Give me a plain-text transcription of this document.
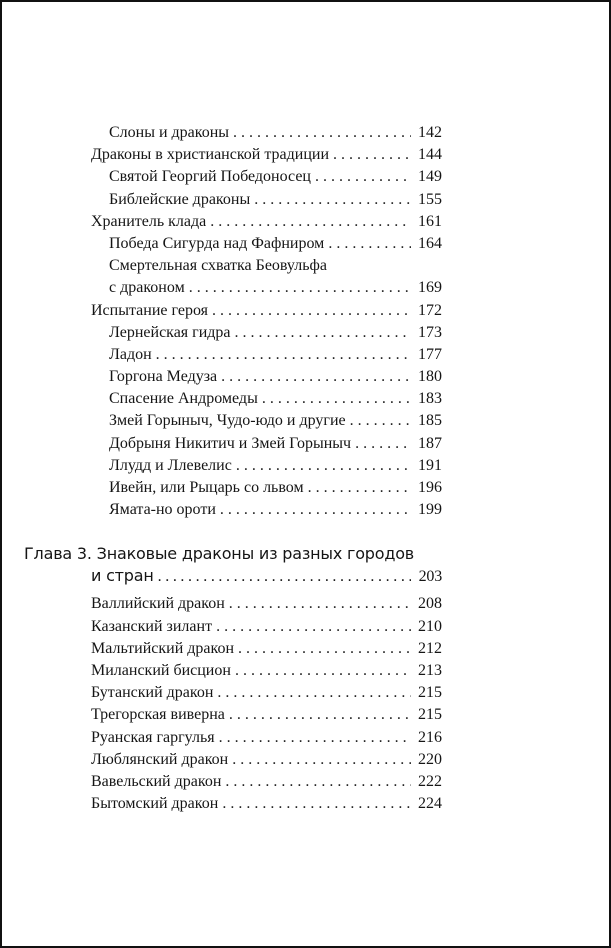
Слоны и драконы . . .	142
Драконы в христианской традиции . . .	144
Святой Георгий Победоносец . . .	149
Библейские драконы . . .	155
Хранитель клада . . .	161
Победа Сигурда над Фафниром . . .	164
Смертельная схватка Беовульфа
с драконом . . .	169
Испытание героя . . .	172
Лернейская гидра . . .	173
Ладон . . .	177
Горгона Медуза . . .	180
Спасение Андромеды . . .	183
Змей Горыныч, Чудо-юдо и другие . . .	185
Добрыня Никитич и Змей Горыныч . . .	187
Ллудд и Ллевелис . . .	191
Ивейн, или Рыцарь со львом . . .	196
Ямата-но ороти . . .	199
Глава 3. Знаковые драконы из разных городов
и стран . . .	203
Валлийский дракон . . .	208
Казанский зилант . . .	210
Мальтийский дракон . . .	212
Миланский бисцион . . .	213
Бутанский дракон . . .	215
Трегорская виверна . . .	215
Руанская гаргулья . . .	216
Люблянский дракон . . .	220
Вавельский дракон . . .	222
Бытомский дракон . . .	224
